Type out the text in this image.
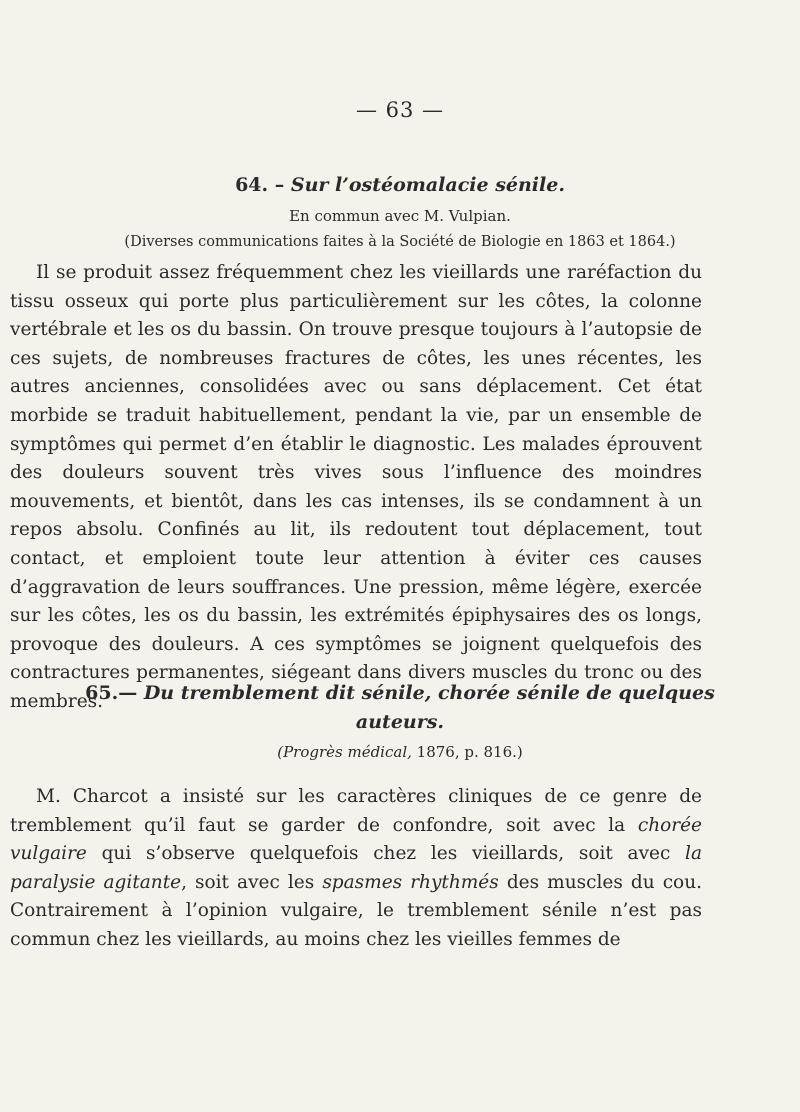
— 63 —
64. – Sur l’ostéomalacie sénile.
En commun avec M. Vulpian.
(Diverses communications faites à la Société de Biologie en 1863 et 1864.)

Il se produit assez fréquemment chez les vieillards une raréfaction du tissu osseux qui porte plus particulièrement sur les côtes, la colonne vertébrale et les os du bassin. On trouve presque toujours à l’autopsie de ces sujets, de nombreuses fractures de côtes, les unes récentes, les autres anciennes, consolidées avec ou sans déplacement. Cet état morbide se traduit habituellement, pendant la vie, par un ensemble de symptômes qui permet d’en établir le diagnostic. Les malades éprouvent des douleurs souvent très vives sous l’influence des moindres mouvements, et bientôt, dans les cas intenses, ils se condamnent à un repos absolu. Confinés au lit, ils redoutent tout déplacement, tout contact, et emploient toute leur attention à éviter ces causes d’aggravation de leurs souffrances. Une pression, même légère, exercée sur les côtes, les os du bassin, les extrémités épiphysaires des os longs, provoque des douleurs. A ces symptômes se joignent quelquefois des contractures permanentes, siégeant dans divers muscles du tronc ou des membres.

65.— Du tremblement dit sénile, chorée sénile de quelques
auteurs.
(Progrès médical, 1876, p. 816.)

M. Charcot a insisté sur les caractères cliniques de ce genre de tremblement qu’il faut se garder de confondre, soit avec la chorée vulgaire qui s’observe quelquefois chez les vieillards, soit avec la paralysie agitante, soit avec les spasmes rhythmés des muscles du cou. Contrairement à l’opinion vulgaire, le tremblement sénile n’est pas commun chez les vieillards, au moins chez les vieilles femmes de
